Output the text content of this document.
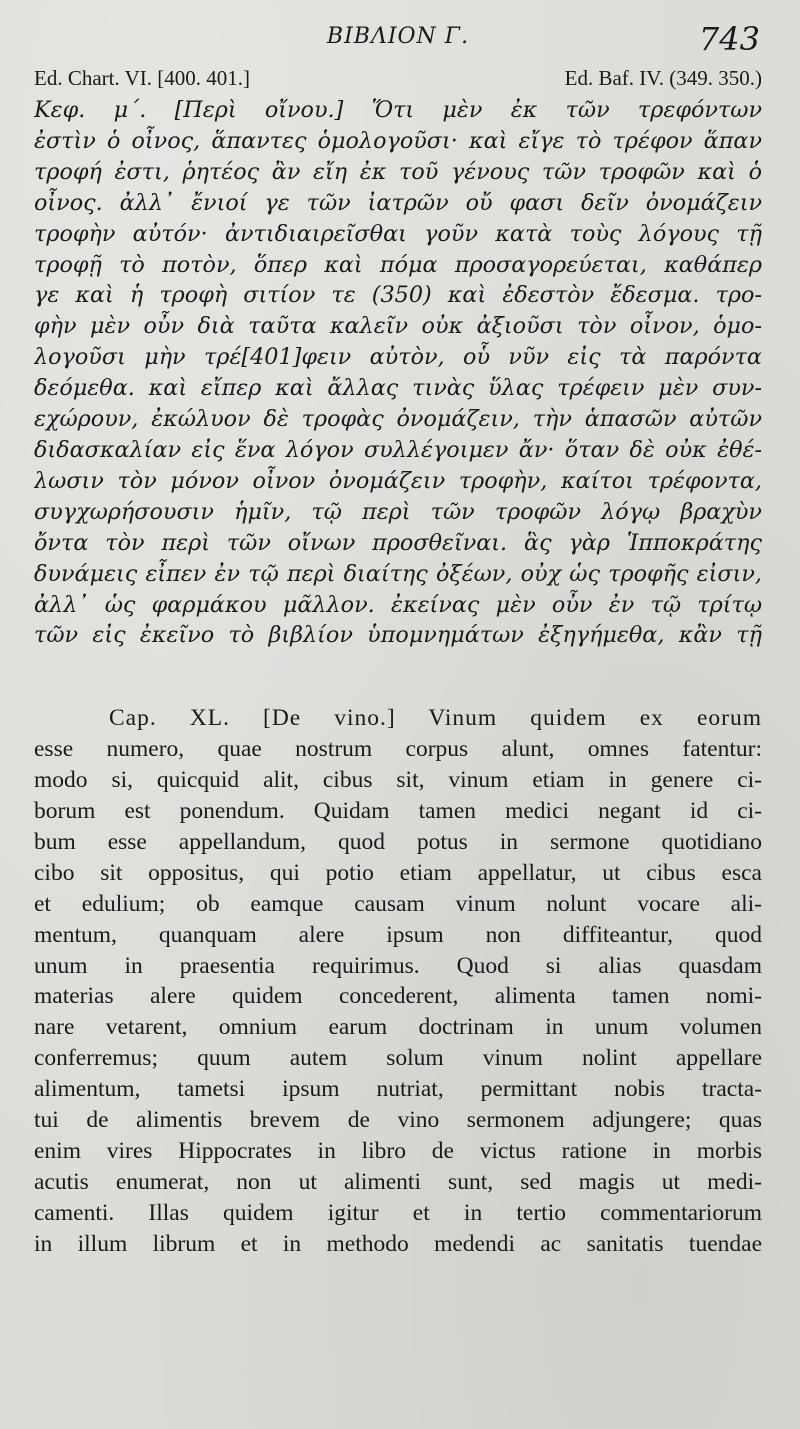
BIBΛΙΟΝ Γ.	743
Ed. Chart. VI. [400. 401.]	Ed. Baf. IV. (349. 350.)
Κεφ. μ΄. [Περὶ οἴνου.] Ὅτι μὲν ἐκ τῶν τρεφόντων
ἐστὶν ὁ οἶνος, ἅπαντες ὁμολογοῦσι· καὶ εἴγε τὸ τρέφον ἅπαν
τροφή ἐστι, ῥητέος ἂν εἴη ἐκ τοῦ γένους τῶν τροφῶν καὶ ὁ
οἶνος. ἀλλ᾽ ἔνιοί γε τῶν ἰατρῶν οὔ φασι δεῖν ὀνομάζειν
τροφὴν αὐτόν· ἀντιδιαιρεῖσθαι γοῦν κατὰ τοὺς λόγους τῇ
τροφῇ τὸ ποτὸν, ὅπερ καὶ πόμα προσαγορεύεται, καθάπερ
γε καὶ ἡ τροφὴ σιτίον τε (350) καὶ ἐδεστὸν ἔδεσμα. τρο-
φὴν μὲν οὖν διὰ ταῦτα καλεῖν οὐκ ἀξιοῦσι τὸν οἶνον, ὁμο-
λογοῦσι μὴν τρέ[401]φειν αὐτὸν, οὗ νῦν εἰς τὰ παρόντα
δεόμεθα. καὶ εἴπερ καὶ ἄλλας τινὰς ὕλας τρέφειν μὲν συν-
εχώρουν, ἐκώλυον δὲ τροφὰς ὀνομάζειν, τὴν ἁπασῶν αὐτῶν
διδασκαλίαν εἰς ἕνα λόγον συλλέγοιμεν ἄν· ὅταν δὲ οὐκ ἐθέ-
λωσιν τὸν μόνον οἶνον ὀνομάζειν τροφὴν, καίτοι τρέφοντα,
συγχωρήσουσιν ἡμῖν, τῷ περὶ τῶν τροφῶν λόγῳ βραχὺν
ὄντα τὸν περὶ τῶν οἴνων προσθεῖναι. ἃς γὰρ Ἱπποκράτης
δυνάμεις εἶπεν ἐν τῷ περὶ διαίτης ὀξέων, οὐχ ὡς τροφῆς εἰσιν,
ἀλλ᾽ ὡς φαρμάκου μᾶλλον. ἐκείνας μὲν οὖν ἐν τῷ τρίτῳ
τῶν εἰς ἐκεῖνο τὸ βιβλίον ὑπομνημάτων ἐξηγήμεθα, κἂν τῇ
Cap. XL. [De vino.] Vinum quidem ex eorum
esse numero, quae nostrum corpus alunt, omnes fatentur:
modo si, quicquid alit, cibus sit, vinum etiam in genere ci-
borum est ponendum. Quidam tamen medici negant id ci-
bum esse appellandum, quod potus in sermone quotidiano
cibo sit oppositus, qui potio etiam appellatur, ut cibus esca
et edulium; ob eamque causam vinum nolunt vocare ali-
mentum, quanquam alere ipsum non diffiteantur, quod
unum in praesentia requirimus. Quod si alias quasdam
materias alere quidem concederent, alimenta tamen nomi-
nare vetarent, omnium earum doctrinam in unum volumen
conferremus; quum autem solum vinum nolint appellare
alimentum, tametsi ipsum nutriat, permittant nobis tracta-
tui de alimentis brevem de vino sermonem adjungere; quas
enim vires Hippocrates in libro de victus ratione in morbis
acutis enumerat, non ut alimenti sunt, sed magis ut medi-
camenti. Illas quidem igitur et in tertio commentariorum
in illum librum et in methodo medendi ac sanitatis tuendae
